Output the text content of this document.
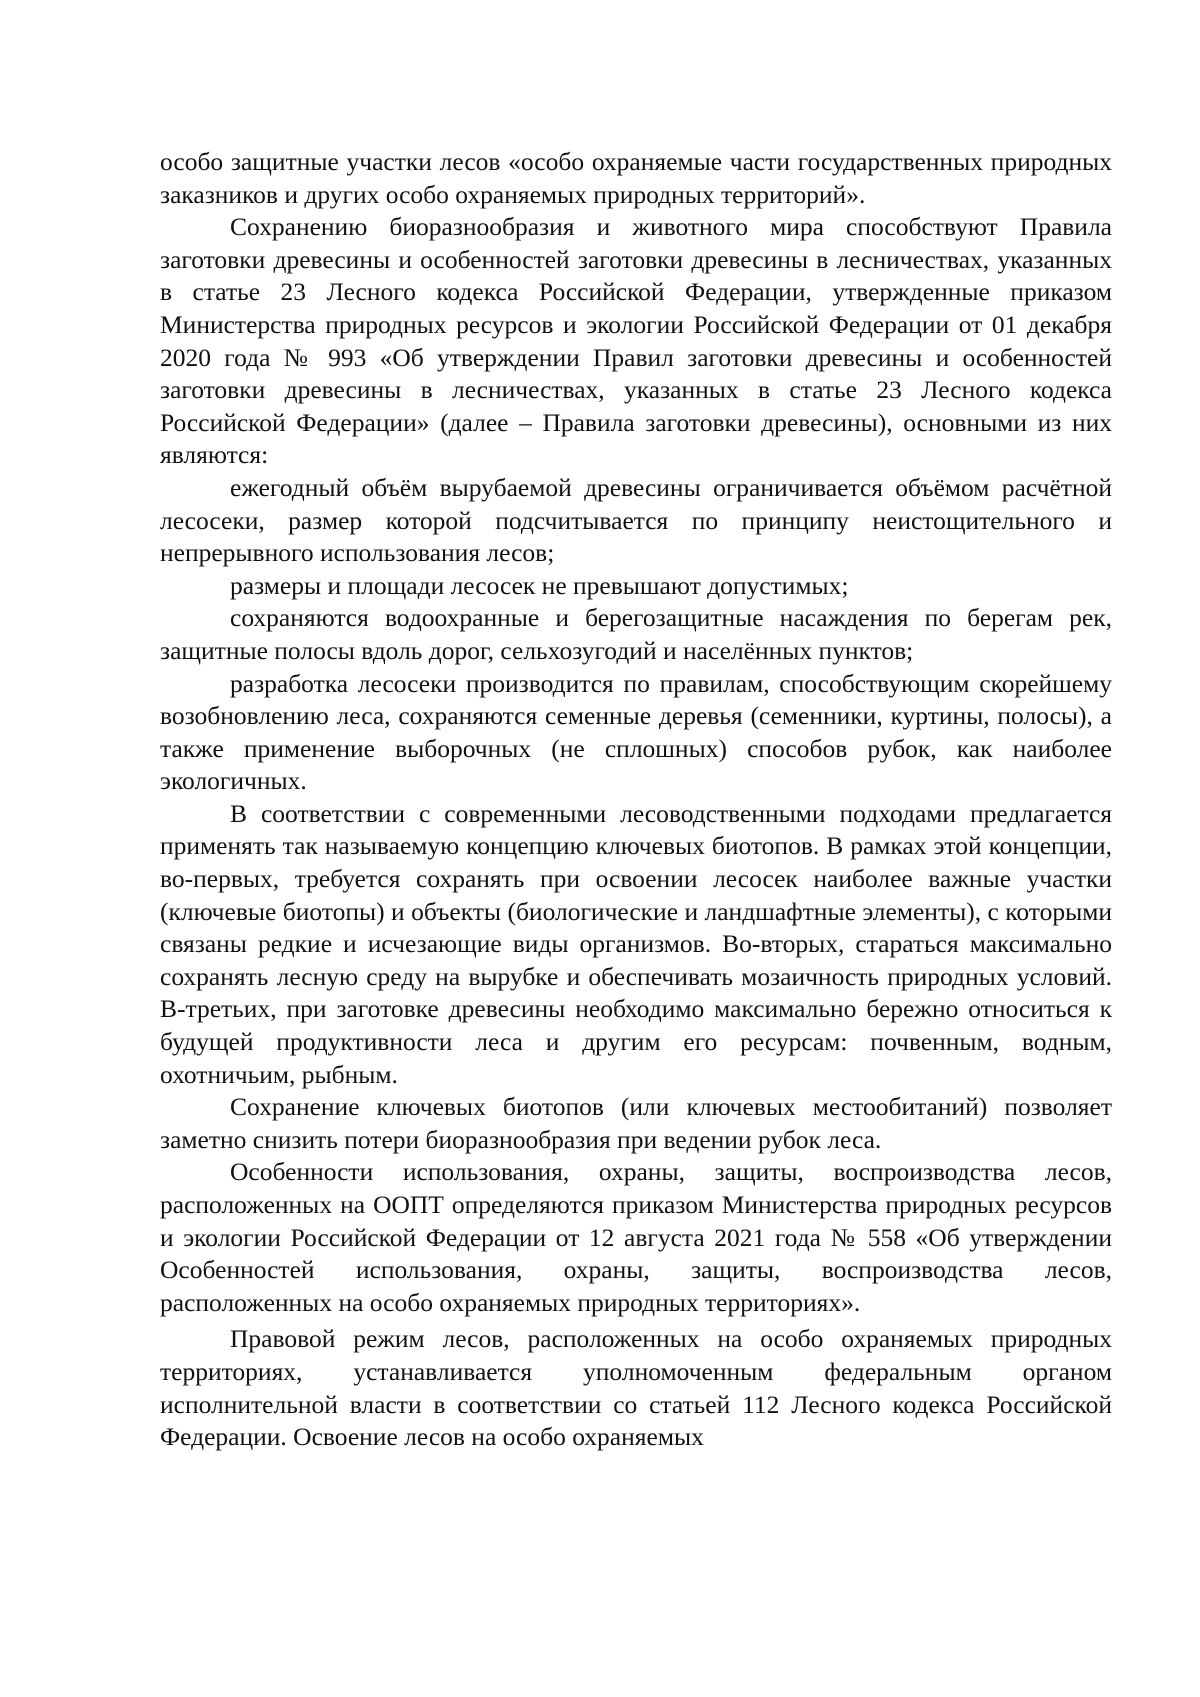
особо защитные участки лесов «особо охраняемые части государственных природных заказников и других особо охраняемых природных территорий».

Сохранению биоразнообразия и животного мира способствуют Правила заготовки древесины и особенностей заготовки древесины в лесничествах, указанных в статье 23 Лесного кодекса Российской Федерации, утвержденные приказом Министерства природных ресурсов и экологии Российской Федерации от 01 декабря 2020 года № 993 «Об утверждении Правил заготовки древесины и особенностей заготовки древесины в лесничествах, указанных в статье 23 Лесного кодекса Российской Федерации» (далее – Правила заготовки древесины), основными из них являются:

ежегодный объём вырубаемой древесины ограничивается объёмом расчётной лесосеки, размер которой подсчитывается по принципу неистощительного и непрерывного использования лесов;

размеры и площади лесосек не превышают допустимых;

сохраняются водоохранные и берегозащитные насаждения по берегам рек, защитные полосы вдоль дорог, сельхозугодий и населённых пунктов;

разработка лесосеки производится по правилам, способствующим скорейшему возобновлению леса, сохраняются семенные деревья (семенники, куртины, полосы), а также применение выборочных (не сплошных) способов рубок, как наиболее экологичных.

В соответствии с современными лесоводственными подходами предлагается применять так называемую концепцию ключевых биотопов. В рамках этой концепции, во-первых, требуется сохранять при освоении лесосек наиболее важные участки (ключевые биотопы) и объекты (биологические и ландшафтные элементы), с которыми связаны редкие и исчезающие виды организмов. Во-вторых, стараться максимально сохранять лесную среду на вырубке и обеспечивать мозаичность природных условий. В-третьих, при заготовке древесины необходимо максимально бережно относиться к будущей продуктивности леса и другим его ресурсам: почвенным, водным, охотничьим, рыбным.

Сохранение ключевых биотопов (или ключевых местообитаний) позволяет заметно снизить потери биоразнообразия при ведении рубок леса.

Особенности использования, охраны, защиты, воспроизводства лесов, расположенных на ООПТ определяются приказом Министерства природных ресурсов и экологии Российской Федерации от 12 августа 2021 года № 558 «Об утверждении Особенностей использования, охраны, защиты, воспроизводства лесов, расположенных на особо охраняемых природных территориях».

Правовой режим лесов, расположенных на особо охраняемых природных территориях, устанавливается уполномоченным федеральным органом исполнительной власти в соответствии со статьей 112 Лесного кодекса Российской Федерации. Освоение лесов на особо охраняемых
